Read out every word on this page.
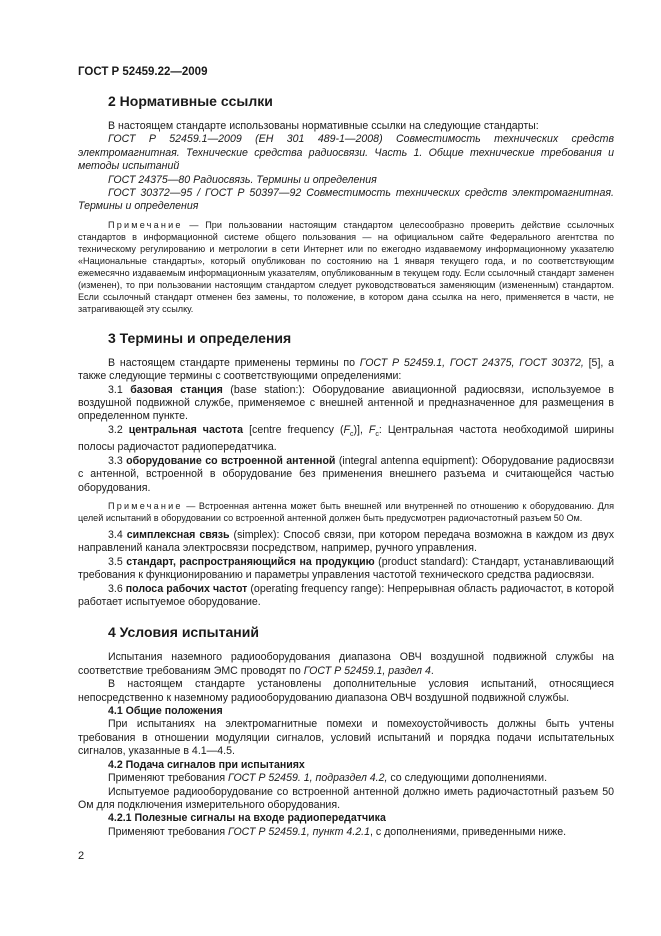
ГОСТ Р 52459.22—2009
2 Нормативные ссылки

В настоящем стандарте использованы нормативные ссылки на следующие стандарты:

ГОСТ Р 52459.1—2009 (ЕН 301 489-1—2008) Совместимость технических средств электромагнитная. Технические средства радиосвязи. Часть 1. Общие технические требования и методы испытаний

ГОСТ 24375—80 Радиосвязь. Термины и определения

ГОСТ 30372—95 / ГОСТ Р 50397—92 Совместимость технических средств электромагнитная. Термины и определения

Примечание — При пользовании настоящим стандартом целесообразно проверить действие ссылочных стандартов в информационной системе общего пользования — на официальном сайте Федерального агентства по техническому регулированию и метрологии в сети Интернет или по ежегодно издаваемому информационному указателю «Национальные стандарты», который опубликован по состоянию на 1 января текущего года, и по соответствующим ежемесячно издаваемым информационным указателям, опубликованным в текущем году. Если ссылочный стандарт заменен (изменен), то при пользовании настоящим стандартом следует руководствоваться заменяющим (измененным) стандартом. Если ссылочный стандарт отменен без замены, то положение, в котором дана ссылка на него, применяется в части, не затрагивающей эту ссылку.

3 Термины и определения

В настоящем стандарте применены термины по ГОСТ Р 52459.1, ГОСТ 24375, ГОСТ 30372, [5], а также следующие термины с соответствующими определениями:

3.1 базовая станция (base station:): Оборудование авиационной радиосвязи, используемое в воздушной подвижной службе, применяемое с внешней антенной и предназначенное для размещения в определенном пункте.

3.2 центральная частота [centre frequency $(F_c)$], $F_c$: Центральная частота необходимой ширины полосы радиочастот радиопередатчика.

3.3 оборудование со встроенной антенной (integral antenna equipment): Оборудование радиосвязи с антенной, встроенной в оборудование без применения внешнего разъема и считающейся частью оборудования.

Примечание — Встроенная антенна может быть внешней или внутренней по отношению к оборудованию. Для целей испытаний в оборудовании со встроенной антенной должен быть предусмотрен радиочастотный разъем 50 Ом.

3.4 симплексная связь (simplex): Способ связи, при котором передача возможна в каждом из двух направлений канала электросвязи посредством, например, ручного управления.

3.5 стандарт, распространяющийся на продукцию (product standard): Стандарт, устанавливающий требования к функционированию и параметры управления частотой технического средства радиосвязи.

3.6 полоса рабочих частот (operating frequency range): Непрерывная область радиочастот, в которой работает испытуемое оборудование.

4 Условия испытаний

Испытания наземного радиооборудования диапазона ОВЧ воздушной подвижной службы на соответствие требованиям ЭМС проводят по ГОСТ Р 52459.1, раздел 4.

В настоящем стандарте установлены дополнительные условия испытаний, относящиеся непосредственно к наземному радиооборудованию диапазона ОВЧ воздушной подвижной службы.

4.1 Общие положения

При испытаниях на электромагнитные помехи и помехоустойчивость должны быть учтены требования в отношении модуляции сигналов, условий испытаний и порядка подачи испытательных сигналов, указанные в 4.1—4.5.

4.2 Подача сигналов при испытаниях

Применяют требования ГОСТ Р 52459. 1, подраздел 4.2, со следующими дополнениями.

Испытуемое радиооборудование со встроенной антенной должно иметь радиочастотный разъем 50 Ом для подключения измерительного оборудования.

4.2.1 Полезные сигналы на входе радиопередатчика

Применяют требования ГОСТ Р 52459.1, пункт 4.2.1, с дополнениями, приведенными ниже.

2
